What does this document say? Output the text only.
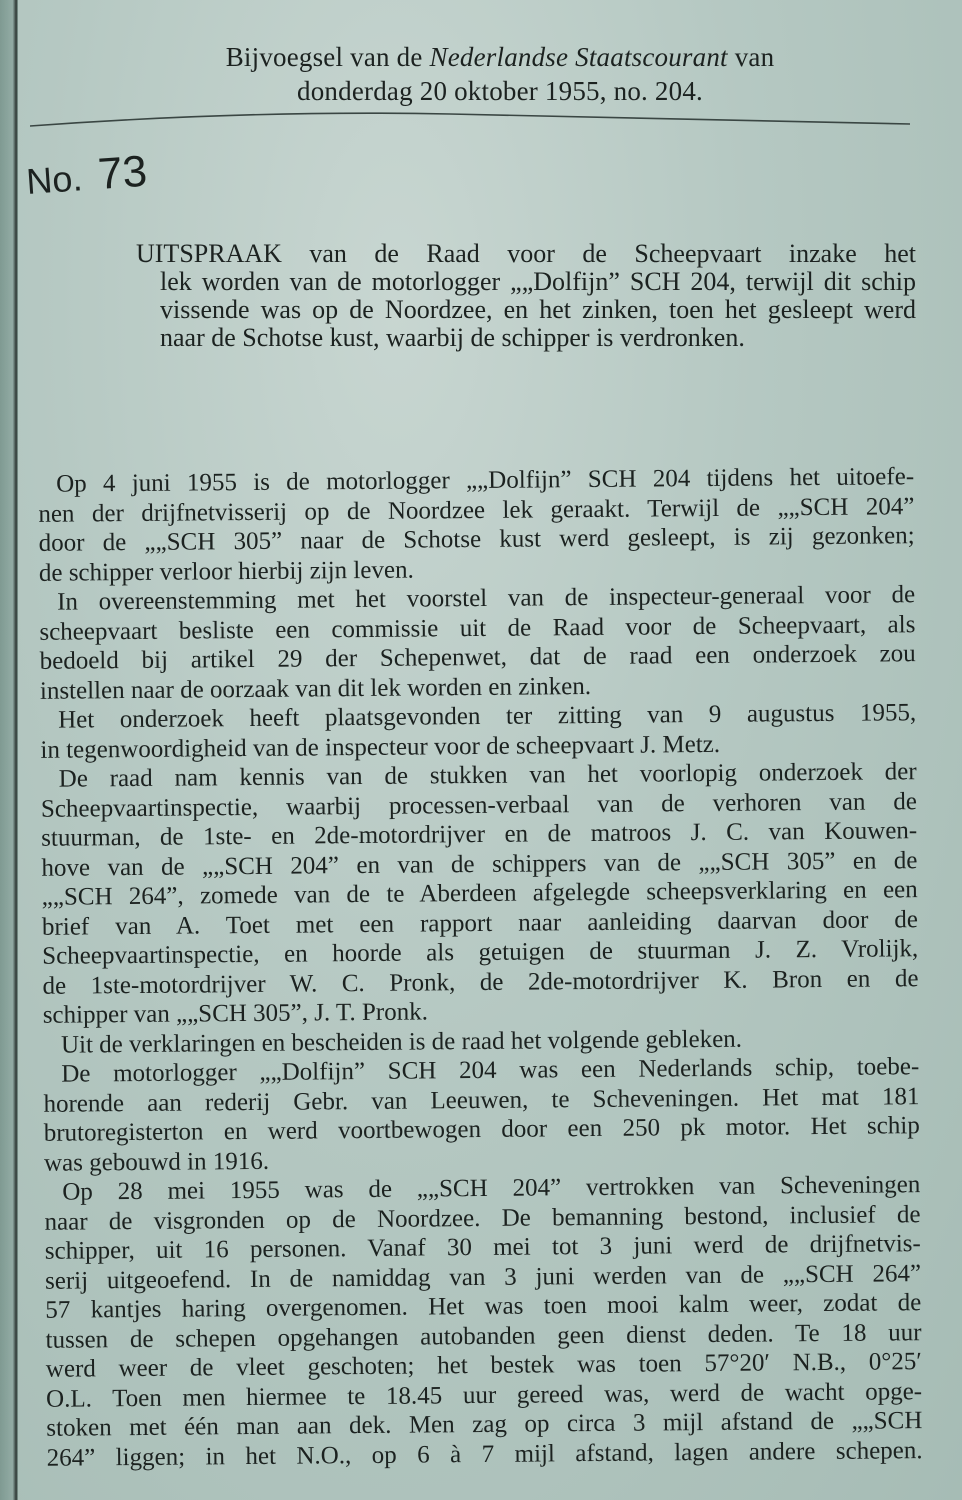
Bijvoegsel van de Nederlandse Staatscourant van
donderdag 20 oktober 1955, no. 204.
No. 73
UITSPRAAK van de Raad voor de Scheepvaart inzake het
lek worden van de motorlogger „„Dolfijn” SCH 204, terwijl dit schip vissende was op de Noordzee, en het zinken, toen het gesleept werd naar de Schotse kust, waarbij de schipper is verdronken.

Op 4 juni 1955 is de motorlogger „„Dolfijn” SCH 204 tijdens het uitoefe-
nen der drijfnetvisserij op de Noordzee lek geraakt. Terwijl de „„SCH 204”
door de „„SCH 305” naar de Schotse kust werd gesleept, is zij gezonken;
de schipper verloor hierbij zijn leven.

In overeenstemming met het voorstel van de inspecteur-generaal voor de
scheepvaart besliste een commissie uit de Raad voor de Scheepvaart, als
bedoeld bij artikel 29 der Schepenwet, dat de raad een onderzoek zou
instellen naar de oorzaak van dit lek worden en zinken.

Het onderzoek heeft plaatsgevonden ter zitting van 9 augustus 1955,
in tegenwoordigheid van de inspecteur voor de scheepvaart J. Metz.

De raad nam kennis van de stukken van het voorlopig onderzoek der
Scheepvaartinspectie, waarbij processen-verbaal van de verhoren van de
stuurman, de 1ste- en 2de-motordrijver en de matroos J. C. van Kouwen-
hove van de „„SCH 204” en van de schippers van de „„SCH 305” en de
„„SCH 264”, zomede van de te Aberdeen afgelegde scheepsverklaring en een
brief van A. Toet met een rapport naar aanleiding daarvan door de
Scheepvaartinspectie, en hoorde als getuigen de stuurman J. Z. Vrolijk,
de 1ste-motordrijver W. C. Pronk, de 2de-motordrijver K. Bron en de
schipper van „„SCH 305”, J. T. Pronk.

Uit de verklaringen en bescheiden is de raad het volgende gebleken.

De motorlogger „„Dolfijn” SCH 204 was een Nederlands schip, toebe-
horende aan rederij Gebr. van Leeuwen, te Scheveningen. Het mat 181
brutoregisterton en werd voortbewogen door een 250 pk motor. Het schip
was gebouwd in 1916.

Op 28 mei 1955 was de „„SCH 204” vertrokken van Scheveningen
naar de visgronden op de Noordzee. De bemanning bestond, inclusief de
schipper, uit 16 personen. Vanaf 30 mei tot 3 juni werd de drijfnetvis-
serij uitgeoefend. In de namiddag van 3 juni werden van de „„SCH 264”
57 kantjes haring overgenomen. Het was toen mooi kalm weer, zodat de
tussen de schepen opgehangen autobanden geen dienst deden. Te 18 uur
werd weer de vleet geschoten; het bestek was toen 57°20′ N.B., 0°25′
O.L. Toen men hiermee te 18.45 uur gereed was, werd de wacht opge-
stoken met één man aan dek. Men zag op circa 3 mijl afstand de „„SCH
264” liggen; in het N.O., op 6 à 7 mijl afstand, lagen andere schepen.
